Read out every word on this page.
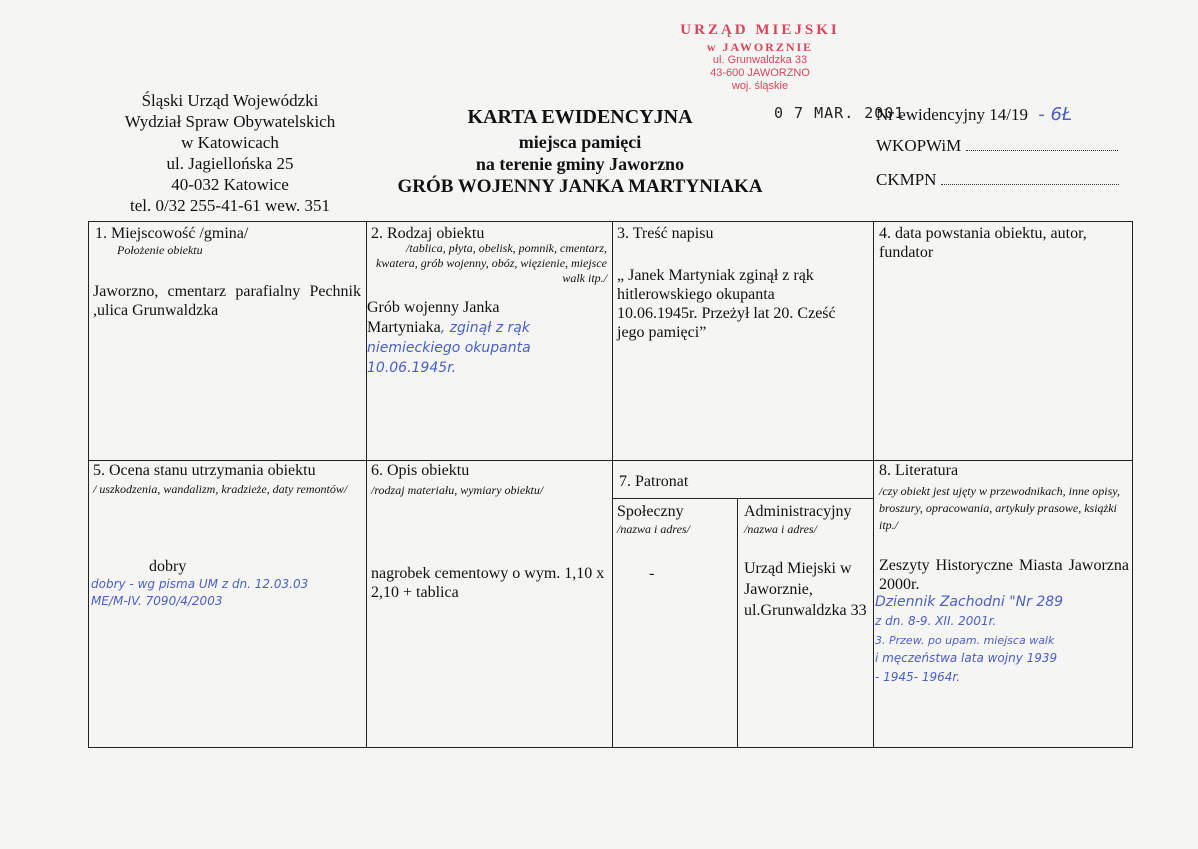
URZĄD MIEJSKI
w JAWORZNIE
ul. Grunwaldzka 33
43-600 JAWORZNO
woj. śląskie
Śląski Urząd Wojewódzki
Wydział Spraw Obywatelskich
w Katowicach
ul. Jagiellońska 25
40-032 Katowice
tel. 0/32 255-41-61 wew. 351
KARTA EWIDENCYJNA
miejsca pamięci
na terenie gminy Jaworzno
GRÓB WOJENNY JANKA MARTYNIAKA
0 7 MAR. 2001
Nr ewidencyjny 14/19 - 6Ł
WKOPWiM
CKMPN
1. Miejscowość /gmina/
Położenie obiektu
Jaworzno, cmentarz parafialny Pechnik ,ulica Grunwaldzka
2. Rodzaj obiektu
/tablica, płyta, obelisk, pomnik, cmentarz, kwatera, grób wojenny, obóz, więzienie, miejsce walk itp./
Grób wojenny Janka
Martyniaka, zginął z rąk niemieckiego okupanta 10.06.1945r.
3. Treść napisu
„ Janek Martyniak zginął z rąk hitlerowskiego okupanta 10.06.1945r. Przeżył lat 20. Cześć jego pamięci”
4. data powstania obiektu, autor, fundator
5. Ocena stanu utrzymania obiektu
/ uszkodzenia, wandalizm, kradzieże, daty remontów/
dobry
dobry - wg pisma UM z dn. 12.03.03
ME/M-IV. 7090/4/2003
6. Opis obiektu
/rodzaj materiału, wymiary obiektu/
nagrobek cementowy o wym. 1,10 x 2,10 + tablica
7. Patronat
Społeczny
/nazwa i adres/
-
Administracyjny
/nazwa i adres/
Urząd Miejski w Jaworznie, ul.Grunwaldzka 33
8. Literatura
/czy obiekt jest ujęty w przewodnikach, inne opisy, broszury, opracowania, artykuły prasowe, książki itp./
Zeszyty Historyczne Miasta Jaworzna 2000r.
Dziennik Zachodni "Nr 289
z dn. 8-9. XII. 2001r.
3. Przew. po upam. miejsca walk
i męczeństwa lata wojny 1939
- 1945- 1964r.
